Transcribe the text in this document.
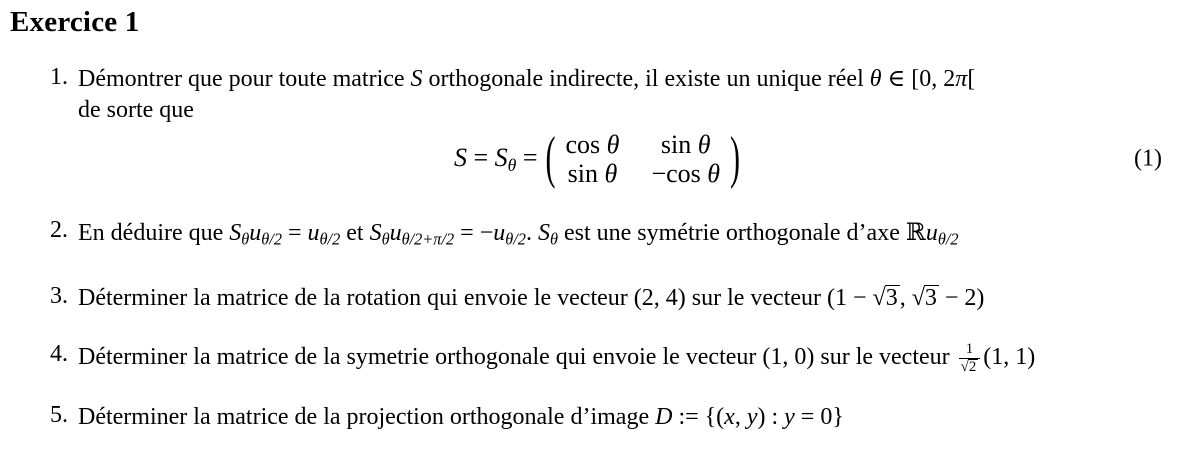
Exercice 1
1. Démontrer que pour toute matrice S orthogonale indirecte, il existe un unique réel θ ∈ [0, 2π[
de sorte que
S = Sθ = ( cos θ sin θ
sin θ −cos θ )	(1)
2. En déduire que Sθuθ/2 = uθ/2 et Sθuθ/2+π/2 = −uθ/2. Sθ est une symétrie orthogonale d’axe ℝuθ/2
3. Déterminer la matrice de la rotation qui envoie le vecteur (2, 4) sur le vecteur (1 − √3, √3 − 2)
4. Déterminer la matrice de la symetrie orthogonale qui envoie le vecteur (1, 0) sur le vecteur $\frac{1}{√2} (1$, 1)
5. Déterminer la matrice de la projection orthogonale d’image D := {(x, y) : y = 0}
